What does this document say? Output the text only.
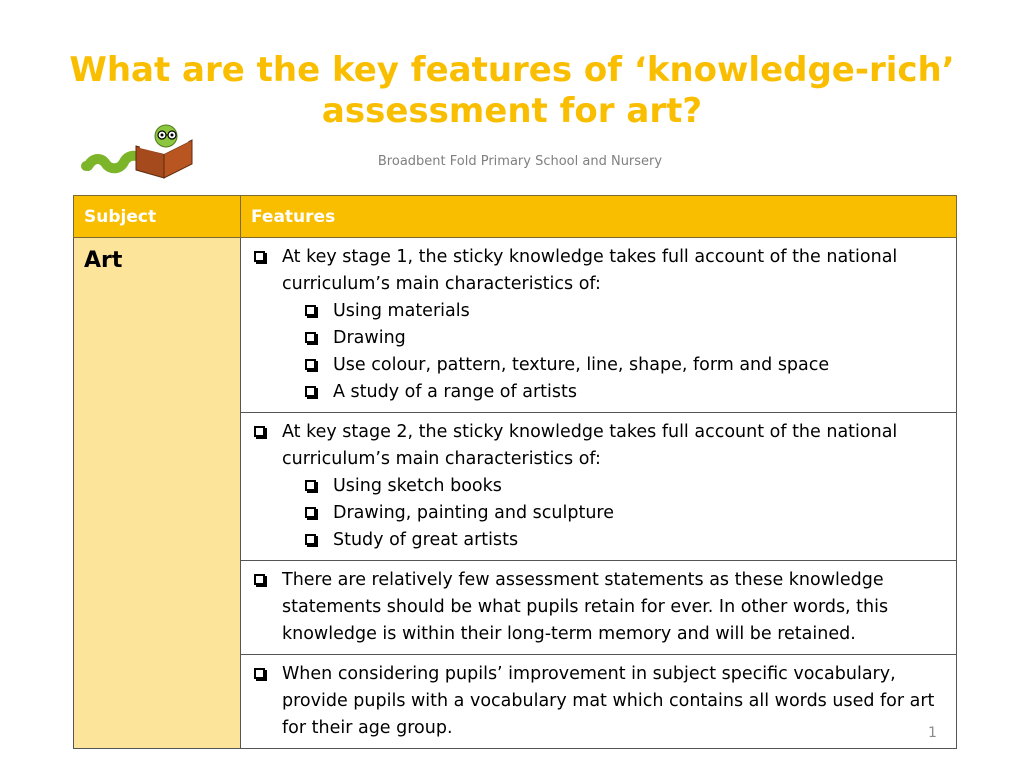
What are the key features of ‘knowledge-rich’ assessment for art?
Broadbent Fold Primary School and Nursery
Subject	Features
Art	At key stage 1, the sticky knowledge takes full account of the national curriculum’s main characteristics of:
Using materials
Drawing
Use colour, pattern, texture, line, shape, form and space
A study of a range of artists

	At key stage 2, the sticky knowledge takes full account of the national curriculum’s main characteristics of:
Using sketch books
Drawing, painting and sculpture
Study of great artists

	There are relatively few assessment statements as these knowledge statements should be what pupils retain for ever. In other words, this knowledge is within their long-term memory and will be retained.

	When considering pupils’ improvement in subject specific vocabulary, provide pupils with a vocabulary mat which contains all words used for art for their age group.	1
